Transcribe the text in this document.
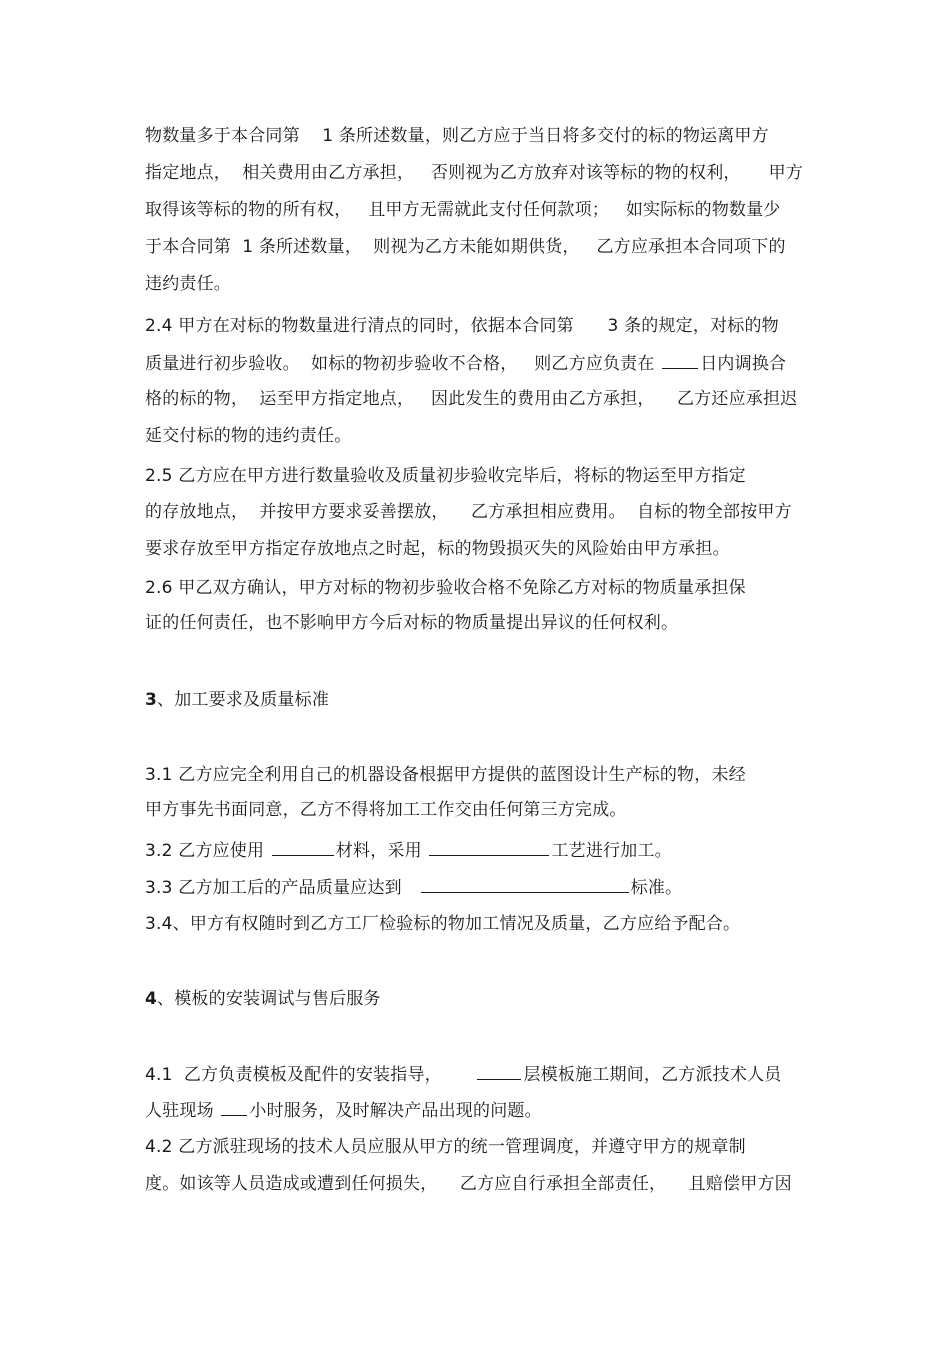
物数量多于本合同第    1 条所述数量，则乙方应于当日将多交付的标的物运离甲方
指定地点，  相关费用由乙方承担，   否则视为乙方放弃对该等标的物的权利，     甲方
取得该等标的物的所有权，   且甲方无需就此支付任何款项；   如实际标的物数量少
于本合同第  1 条所述数量，  则视为乙方未能如期供货，   乙方应承担本合同项下的
违约责任。
2.4 甲方在对标的物数量进行清点的同时，依据本合同第      3 条的规定，对标的物
质量进行初步验收。  如标的物初步验收不合格，   则乙方应负责在 日内调换合
格的标的物，  运至甲方指定地点，   因此发生的费用由乙方承担，    乙方还应承担迟
延交付标的物的违约责任。
2.5 乙方应在甲方进行数量验收及质量初步验收完毕后，将标的物运至甲方指定
的存放地点，  并按甲方要求妥善摆放，    乙方承担相应费用。  自标的物全部按甲方
要求存放至甲方指定存放地点之时起，标的物毁损灭失的风险始由甲方承担。
2.6 甲乙双方确认，甲方对标的物初步验收合格不免除乙方对标的物质量承担保
证的任何责任，也不影响甲方今后对标的物质量提出异议的任何权利。
3、加工要求及质量标准
3.1 乙方应完全利用自己的机器设备根据甲方提供的蓝图设计生产标的物，未经
甲方事先书面同意，乙方不得将加工工作交由任何第三方完成。
3.2 乙方应使用	材料，采用	工艺进行加工。
3.3 乙方加工后的产品质量应达到	标准。
3.4、甲方有权随时到乙方工厂检验标的物加工情况及质量，乙方应给予配合。
4、模板的安装调试与售后服务
4.1  乙方负责模板及配件的安装指导，	层模板施工期间，乙方派技术人员
人驻现场 小时服务，及时解决产品出现的问题。
4.2 乙方派驻现场的技术人员应服从甲方的统一管理调度，并遵守甲方的规章制
度。如该等人员造成或遭到任何损失，    乙方应自行承担全部责任，    且赔偿甲方因
